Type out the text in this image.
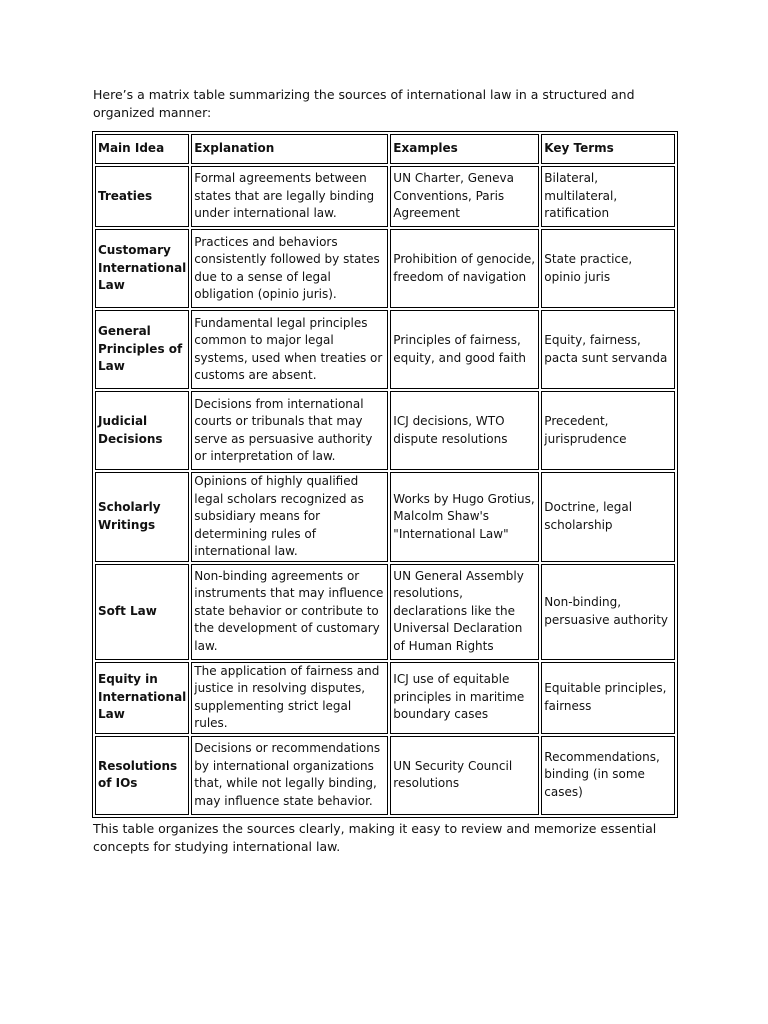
Here’s a matrix table summarizing the sources of international law in a structured and organized manner:

Main Idea	Explanation	Examples	Key Terms
Treaties	Formal agreements between states that are legally binding under international law.	UN Charter, Geneva Conventions, Paris Agreement	Bilateral, multilateral, ratification
Customary International Law	Practices and behaviors consistently followed by states due to a sense of legal obligation (opinio juris).	Prohibition of genocide, freedom of navigation	State practice, opinio juris
General Principles of Law	Fundamental legal principles common to major legal systems, used when treaties or customs are absent.	Principles of fairness, equity, and good faith	Equity, fairness, pacta sunt servanda
Judicial Decisions	Decisions from international courts or tribunals that may serve as persuasive authority or interpretation of law.	ICJ decisions, WTO dispute resolutions	Precedent, jurisprudence
Scholarly Writings	Opinions of highly qualified legal scholars recognized as subsidiary means for determining rules of international law.	Works by Hugo Grotius, Malcolm Shaw's "International Law"	Doctrine, legal scholarship
Soft Law	Non-binding agreements or instruments that may influence state behavior or contribute to the development of customary law.	UN General Assembly resolutions, declarations like the Universal Declaration of Human Rights	Non-binding, persuasive authority
Equity in International Law	The application of fairness and justice in resolving disputes, supplementing strict legal rules.	ICJ use of equitable principles in maritime boundary cases	Equitable principles, fairness
Resolutions of IOs	Decisions or recommendations by international organizations that, while not legally binding, may influence state behavior.	UN Security Council resolutions	Recommendations, binding (in some cases)

This table organizes the sources clearly, making it easy to review and memorize essential concepts for studying international law.
